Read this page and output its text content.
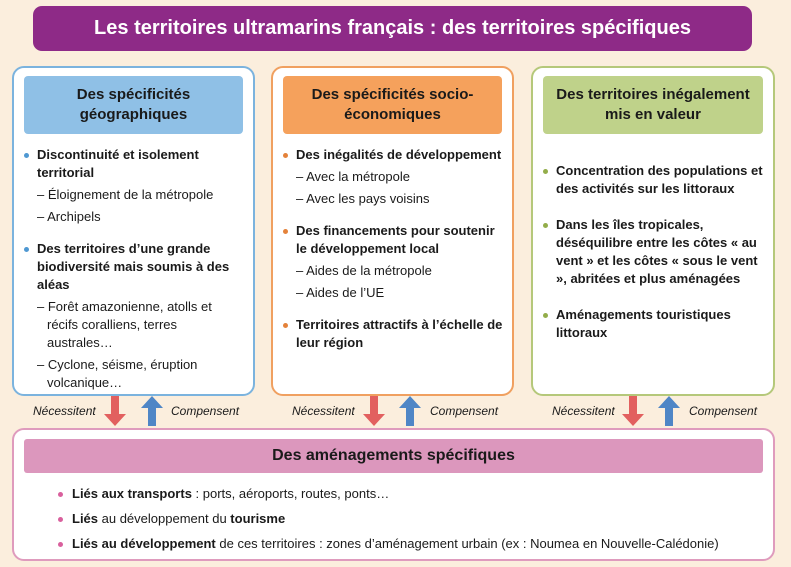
Les territoires ultramarins français : des territoires spécifiques
Des spécificités géographiques
Discontinuité et isolement territorial
– Éloignement de la métropole
– Archipels
Des territoires d’une grande biodiversité mais soumis à des aléas
– Forêt amazonienne, atolls et récifs coralliens, terres australes…
– Cyclone, séisme, éruption volcanique…
Des spécificités socio-économiques
Des inégalités de développement
– Avec la métropole
– Avec les pays voisins
Des financements pour soutenir le développement local
– Aides de la métropole
– Aides de l’UE
Territoires attractifs à l’échelle de leur région
Des territoires inégalement mis en valeur
Concentration des populations et des activités sur les littoraux
Dans les îles tropicales, déséquilibre entre les côtes « au vent » et les côtes « sous le vent », abritées et plus aménagées
Aménagements touristiques littoraux
Nécessitent	Compensent	Nécessitent	Compensent	Nécessitent	Compensent
Des aménagements spécifiques
Liés aux transports : ports, aéroports, routes, ponts…
Liés au développement du tourisme
Liés au développement de ces territoires : zones d’aménagement urbain (ex : Noumea en Nouvelle-Calédonie)
